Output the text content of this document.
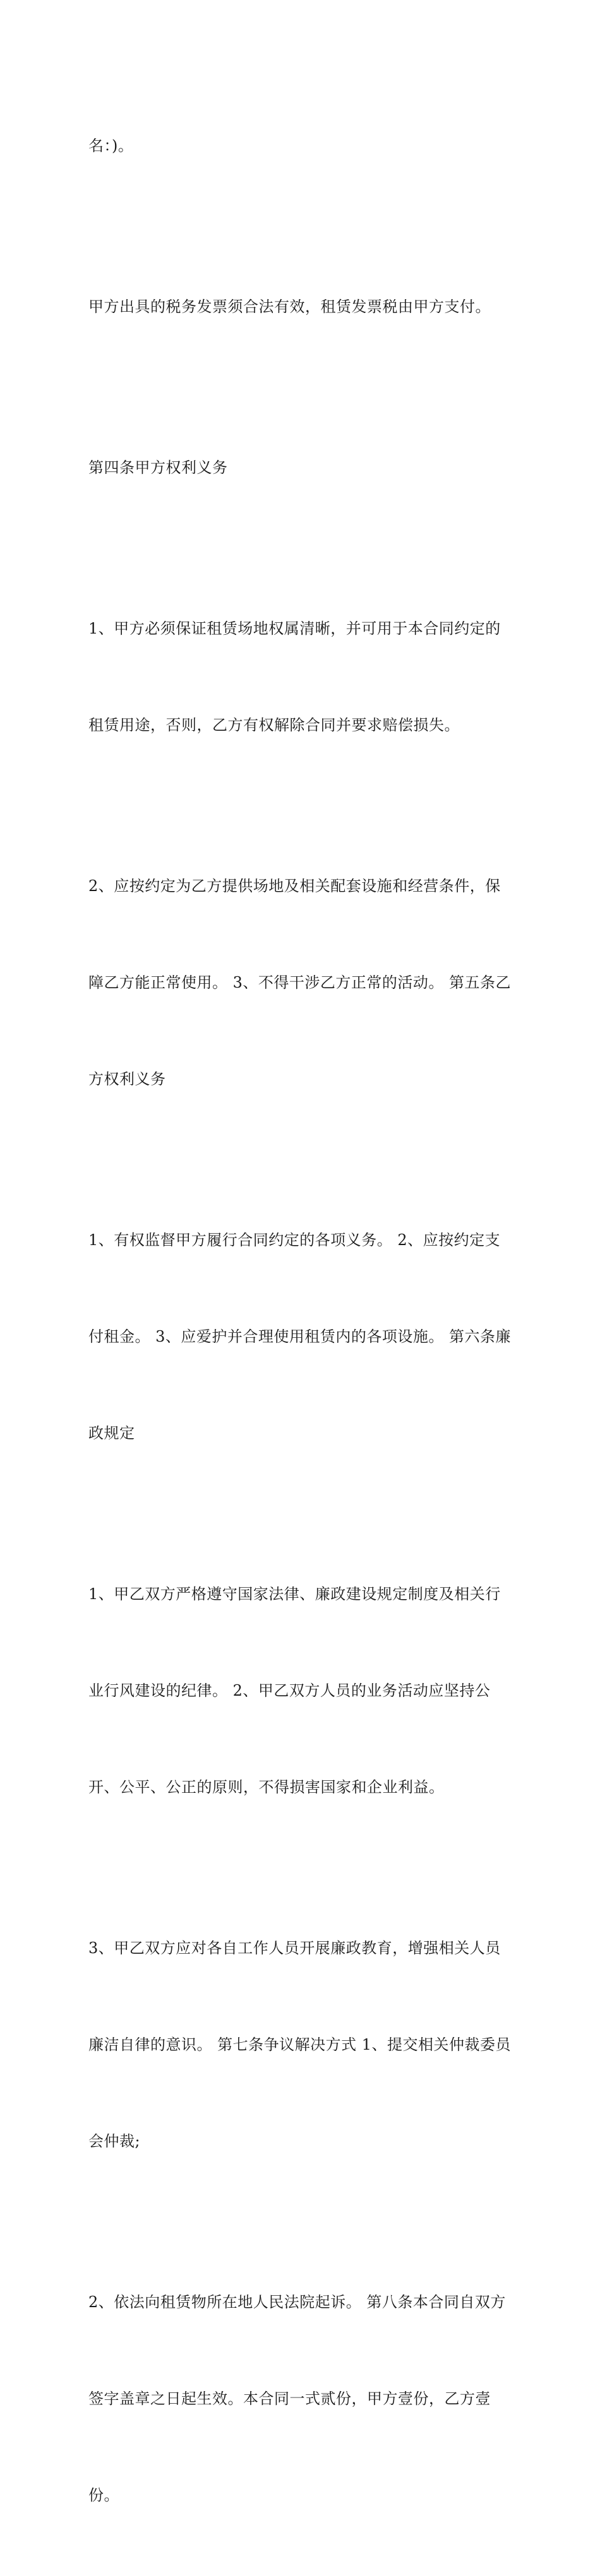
名：)。

甲方出具的税务发票须合法有效，租赁发票税由甲方支付。

第四条甲方权利义务

1、甲方必须保证租赁场地权属清晰，并可用于本合同约定的

租赁用途，否则，乙方有权解除合同并要求赔偿损失。

2、应按约定为乙方提供场地及相关配套设施和经营条件，保

障乙方能正常使用。 3、不得干涉乙方正常的活动。 第五条乙

方权利义务

1、有权监督甲方履行合同约定的各项义务。 2、应按约定支

付租金。 3、应爱护并合理使用租赁内的各项设施。 第六条廉

政规定

1、甲乙双方严格遵守国家法律、廉政建设规定制度及相关行

业行风建设的纪律。 2、甲乙双方人员的业务活动应坚持公

开、公平、公正的原则，不得损害国家和企业利益。

3、甲乙双方应对各自工作人员开展廉政教育，增强相关人员

廉洁自律的意识。 第七条争议解决方式 1、提交相关仲裁委员

会仲裁;

2、依法向租赁物所在地人民法院起诉。 第八条本合同自双方

签字盖章之日起生效。本合同一式贰份，甲方壹份，乙方壹

份。
